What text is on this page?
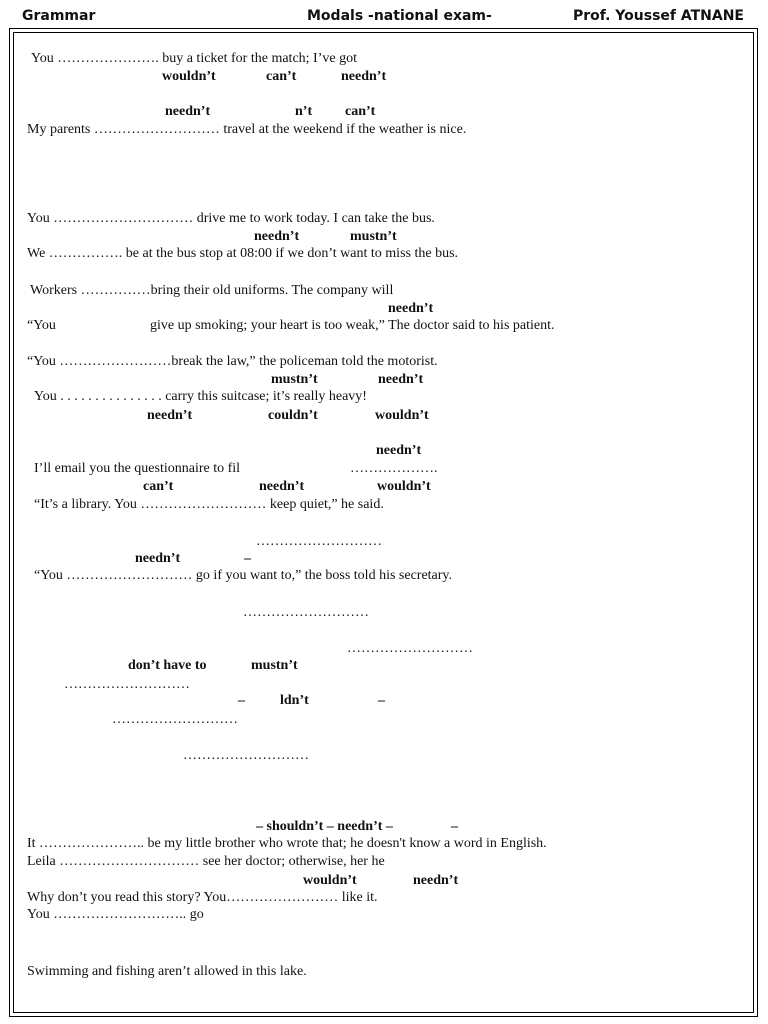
Grammar	Modals -national exam-	Prof. Youssef ATNANE
You …………………. buy a ticket for the match; I’ve got
wouldn’t	can’t	needn’t
needn’t	n’t can’t
My parents ……………………… travel at the weekend if the weather is nice.
You ………………………… drive me to work today. I can take the bus.
needn’t	mustn’t
We ……………. be at the bus stop at 08:00 if we don’t want to miss the bus.
Workers ……………bring their old uniforms. The company will
needn’t
“You	give up smoking; your heart is too weak,” The doctor said to his patient.
“You ……………………break the law,” the policeman told the motorist.
mustn’t	needn’t
You . . . . . . . . . . . . . . . carry this suitcase; it’s really heavy!
needn’t	couldn’t	wouldn’t
needn’t
I’ll email you the questionnaire to fil	……………….
can’t	needn’t	wouldn’t
“It’s a library. You ……………………… keep quiet,” he said.
………………………
needn’t	–
“You ……………………… go if you want to,” the boss told his secretary.
………………………
………………………
don’t have to	mustn’t
………………………
–	ldn’t	–
………………………
………………………
– shouldn’t – needn’t –	–
It ………………….. be my little brother who wrote that; he doesn't know a word in English.
Leila ………………………… see her doctor; otherwise, her he
wouldn’t	needn’t
Why don’t you read this story? You…………………… like it.
You ……………………….. go
Swimming and fishing aren’t allowed in this lake.
